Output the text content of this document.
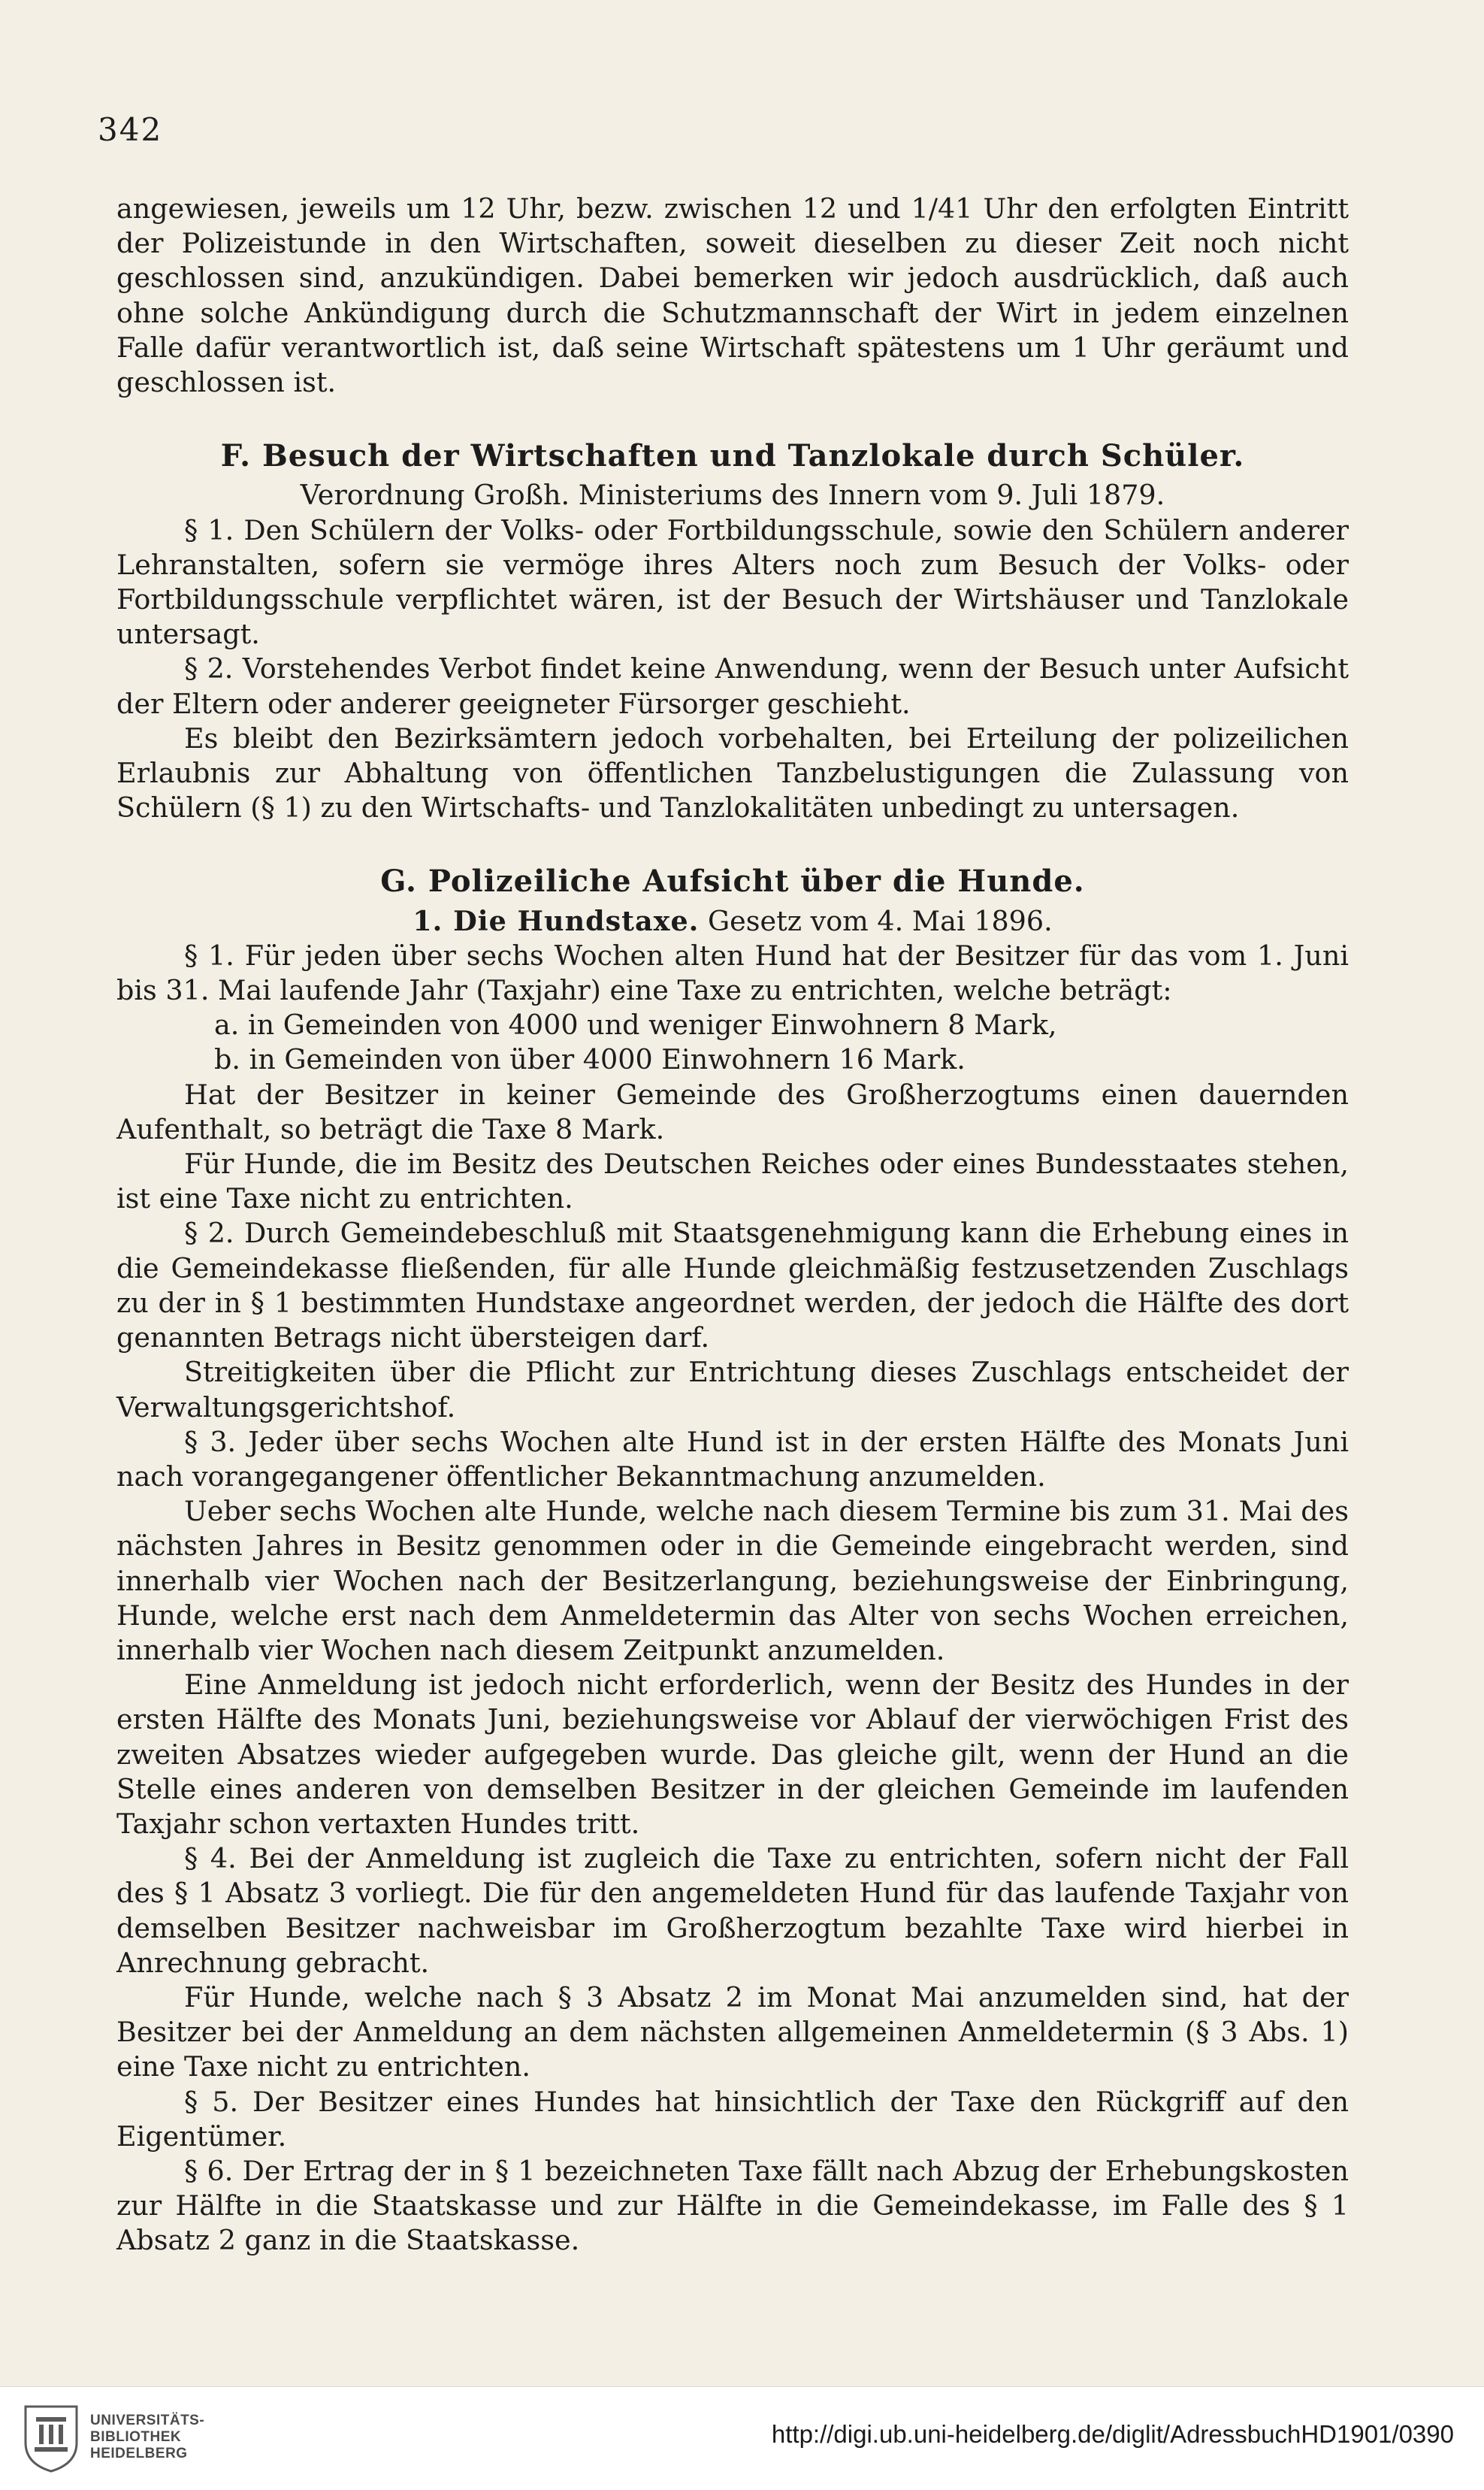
342

angewiesen, jeweils um 12 Uhr, bezw. zwischen 12 und 1/41 Uhr den erfolgten Eintritt der Polizeistunde in den Wirtschaften, soweit dieselben zu dieser Zeit noch nicht geschlossen sind, anzukündigen. Dabei bemerken wir jedoch ausdrücklich, daß auch ohne solche Ankündigung durch die Schutzmannschaft der Wirt in jedem einzelnen Falle dafür verantwortlich ist, daß seine Wirtschaft spätestens um 1 Uhr geräumt und geschlossen ist.

F. Besuch der Wirtschaften und Tanzlokale durch Schüler.

Verordnung Großh. Ministeriums des Innern vom 9. Juli 1879.

§ 1. Den Schülern der Volks- oder Fortbildungsschule, sowie den Schülern anderer Lehranstalten, sofern sie vermöge ihres Alters noch zum Besuch der Volks- oder Fortbildungsschule verpflichtet wären, ist der Besuch der Wirtshäuser und Tanzlokale untersagt.

§ 2. Vorstehendes Verbot findet keine Anwendung, wenn der Besuch unter Aufsicht der Eltern oder anderer geeigneter Fürsorger geschieht.

Es bleibt den Bezirksämtern jedoch vorbehalten, bei Erteilung der polizeilichen Erlaubnis zur Abhaltung von öffentlichen Tanzbelustigungen die Zulassung von Schülern (§ 1) zu den Wirtschafts- und Tanzlokalitäten unbedingt zu untersagen.

G. Polizeiliche Aufsicht über die Hunde.

1. Die Hundstaxe. Gesetz vom 4. Mai 1896.

§ 1. Für jeden über sechs Wochen alten Hund hat der Besitzer für das vom 1. Juni bis 31. Mai laufende Jahr (Taxjahr) eine Taxe zu entrichten, welche beträgt:

a. in Gemeinden von 4000 und weniger Einwohnern 8 Mark,

b. in Gemeinden von über 4000 Einwohnern 16 Mark.

Hat der Besitzer in keiner Gemeinde des Großherzogtums einen dauernden Aufenthalt, so beträgt die Taxe 8 Mark.

Für Hunde, die im Besitz des Deutschen Reiches oder eines Bundesstaates stehen, ist eine Taxe nicht zu entrichten.

§ 2. Durch Gemeindebeschluß mit Staatsgenehmigung kann die Erhebung eines in die Gemeindekasse fließenden, für alle Hunde gleichmäßig festzusetzenden Zuschlags zu der in § 1 bestimmten Hundstaxe angeordnet werden, der jedoch die Hälfte des dort genannten Betrags nicht übersteigen darf.

Streitigkeiten über die Pflicht zur Entrichtung dieses Zuschlags entscheidet der Verwaltungsgerichtshof.

§ 3. Jeder über sechs Wochen alte Hund ist in der ersten Hälfte des Monats Juni nach vorangegangener öffentlicher Bekanntmachung anzumelden.

Ueber sechs Wochen alte Hunde, welche nach diesem Termine bis zum 31. Mai des nächsten Jahres in Besitz genommen oder in die Gemeinde eingebracht werden, sind innerhalb vier Wochen nach der Besitzerlangung, beziehungsweise der Einbringung, Hunde, welche erst nach dem Anmeldetermin das Alter von sechs Wochen erreichen, innerhalb vier Wochen nach diesem Zeitpunkt anzumelden.

Eine Anmeldung ist jedoch nicht erforderlich, wenn der Besitz des Hundes in der ersten Hälfte des Monats Juni, beziehungsweise vor Ablauf der vierwöchigen Frist des zweiten Absatzes wieder aufgegeben wurde. Das gleiche gilt, wenn der Hund an die Stelle eines anderen von demselben Besitzer in der gleichen Gemeinde im laufenden Taxjahr schon vertaxten Hundes tritt.

§ 4. Bei der Anmeldung ist zugleich die Taxe zu entrichten, sofern nicht der Fall des § 1 Absatz 3 vorliegt. Die für den angemeldeten Hund für das laufende Taxjahr von demselben Besitzer nachweisbar im Großherzogtum bezahlte Taxe wird hierbei in Anrechnung gebracht.

Für Hunde, welche nach § 3 Absatz 2 im Monat Mai anzumelden sind, hat der Besitzer bei der Anmeldung an dem nächsten allgemeinen Anmeldetermin (§ 3 Abs. 1) eine Taxe nicht zu entrichten.

§ 5. Der Besitzer eines Hundes hat hinsichtlich der Taxe den Rückgriff auf den Eigentümer.

§ 6. Der Ertrag der in § 1 bezeichneten Taxe fällt nach Abzug der Erhebungskosten zur Hälfte in die Staatskasse und zur Hälfte in die Gemeindekasse, im Falle des § 1 Absatz 2 ganz in die Staatskasse.

UNIVERSITÄTS-
BIBLIOTHEK
HEIDELBERG
http://digi.ub.uni-heidelberg.de/diglit/AdressbuchHD1901/0390
